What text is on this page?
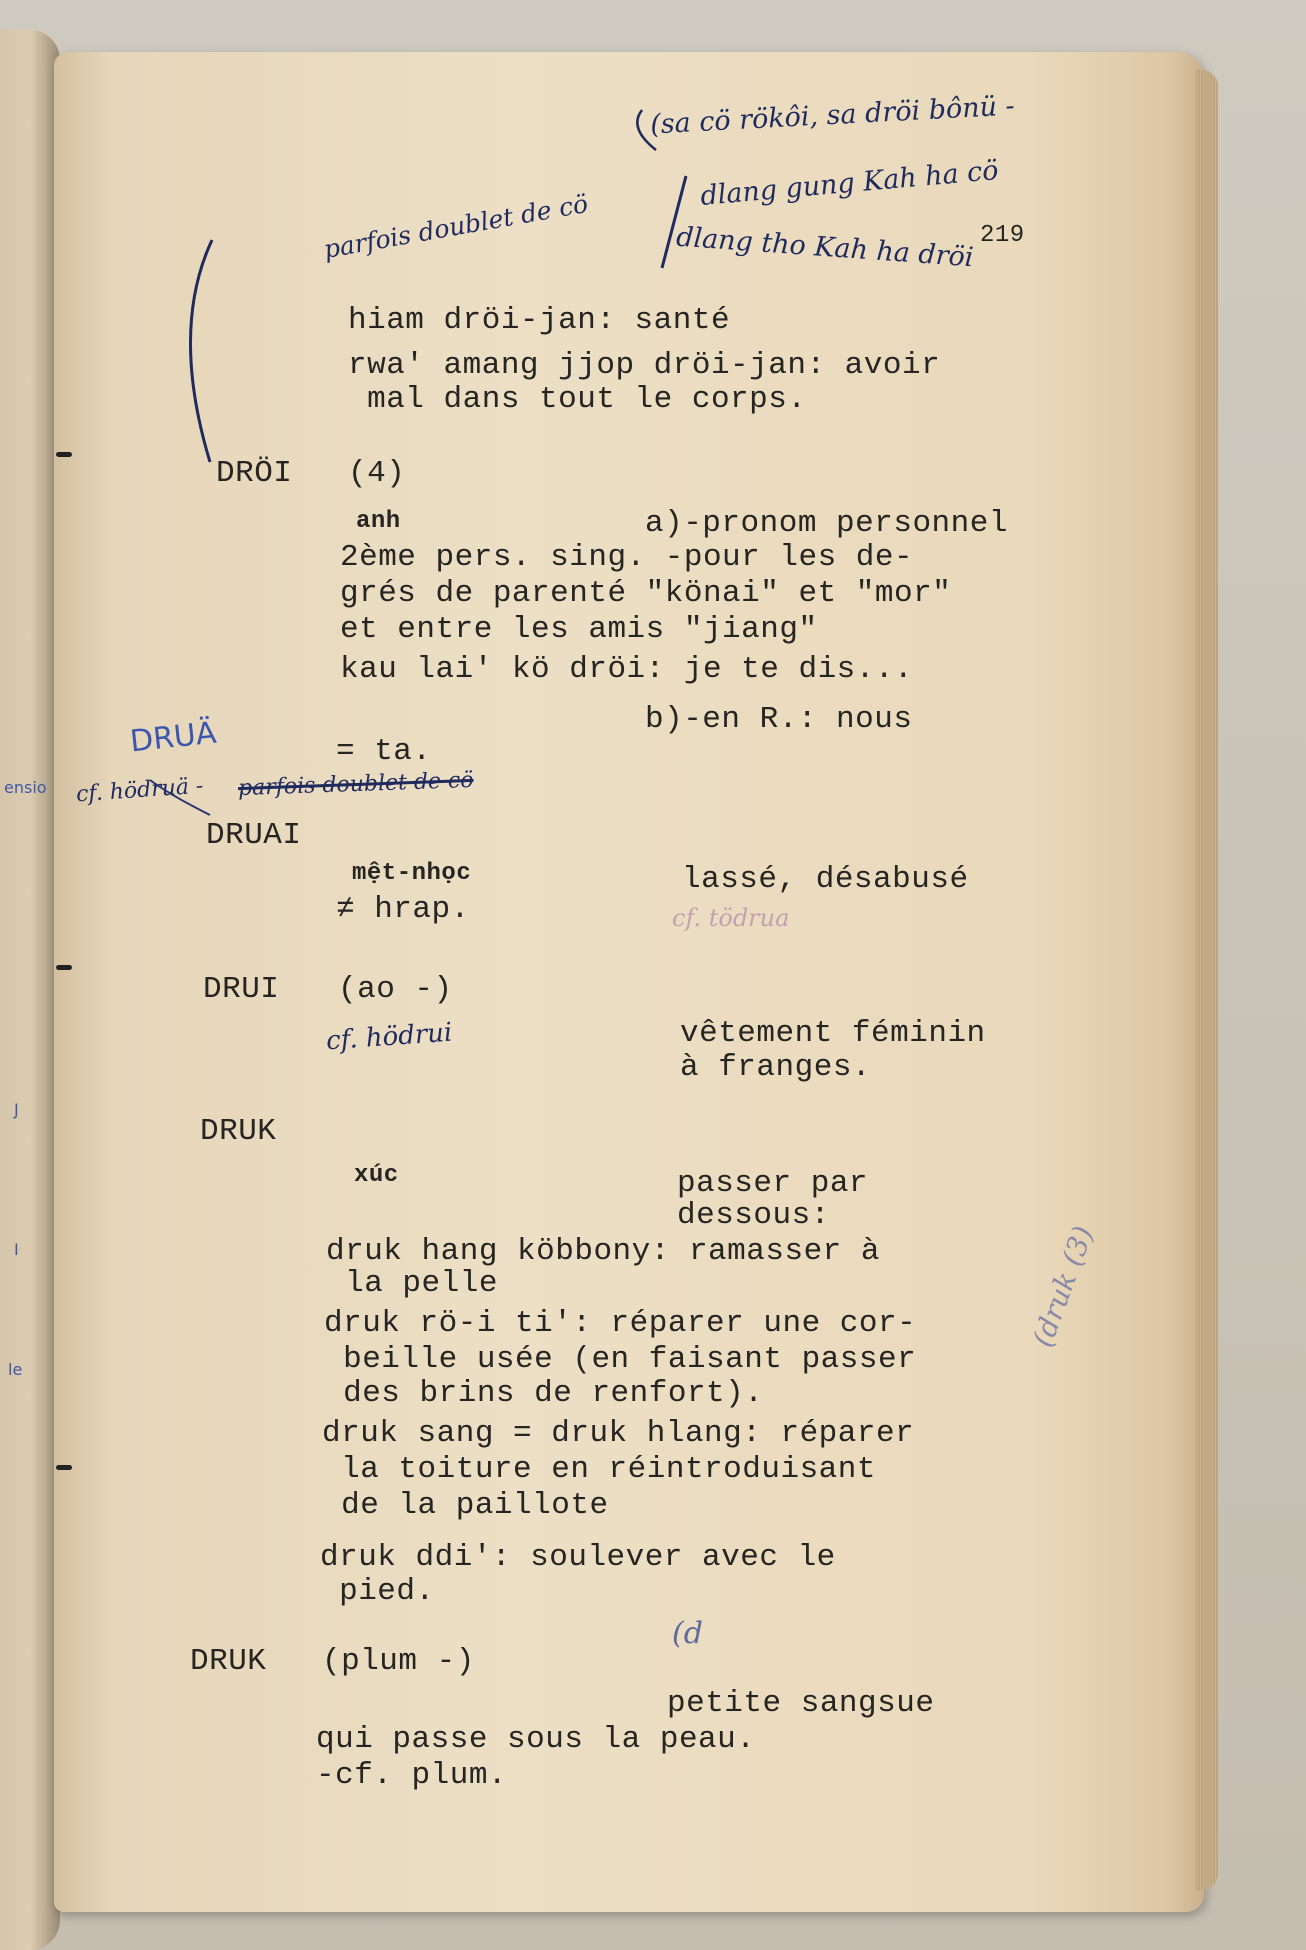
ensio
J
I
le
(sa cö rökôi, sa dröi bônü -
dlang gung Kah ha cö
dlang tho Kah ha dröi
parfois doublet de cö	219
hiam dröi-jan: santé
rwa' amang jjop dröi-jan: avoir
mal dans tout le corps.
DRÖI (4)
anh	a)-pronom personnel
2ème pers. sing. -pour les de-
grés de parenté "könai" et "mor"
et entre les amis "jiang"
kau lai' kö dröi: je te dis...
b)-en R.: nous
= ta.
DRUÄ
cf. hödruä - parfois doublet de cö
DRUAI
mệt-nhọc	lassé, désabusé
≠ hrap.	cf. tödrua
DRUI (ao -)
cf. hödrui	vêtement féminin
à franges.
DRUK
xúc	passer par
dessous:
druk hang köbbony: ramasser à
la pelle
druk rö-i ti': réparer une cor-
beille usée (en faisant passer
des brins de renfort).
druk sang = druk hlang: réparer
la toiture en réintroduisant
de la paillote
druk ddi': soulever avec le
pied.
(druk (3)
(d
DRUK (plum -)
petite sangsue
qui passe sous la peau.
-cf. plum.
